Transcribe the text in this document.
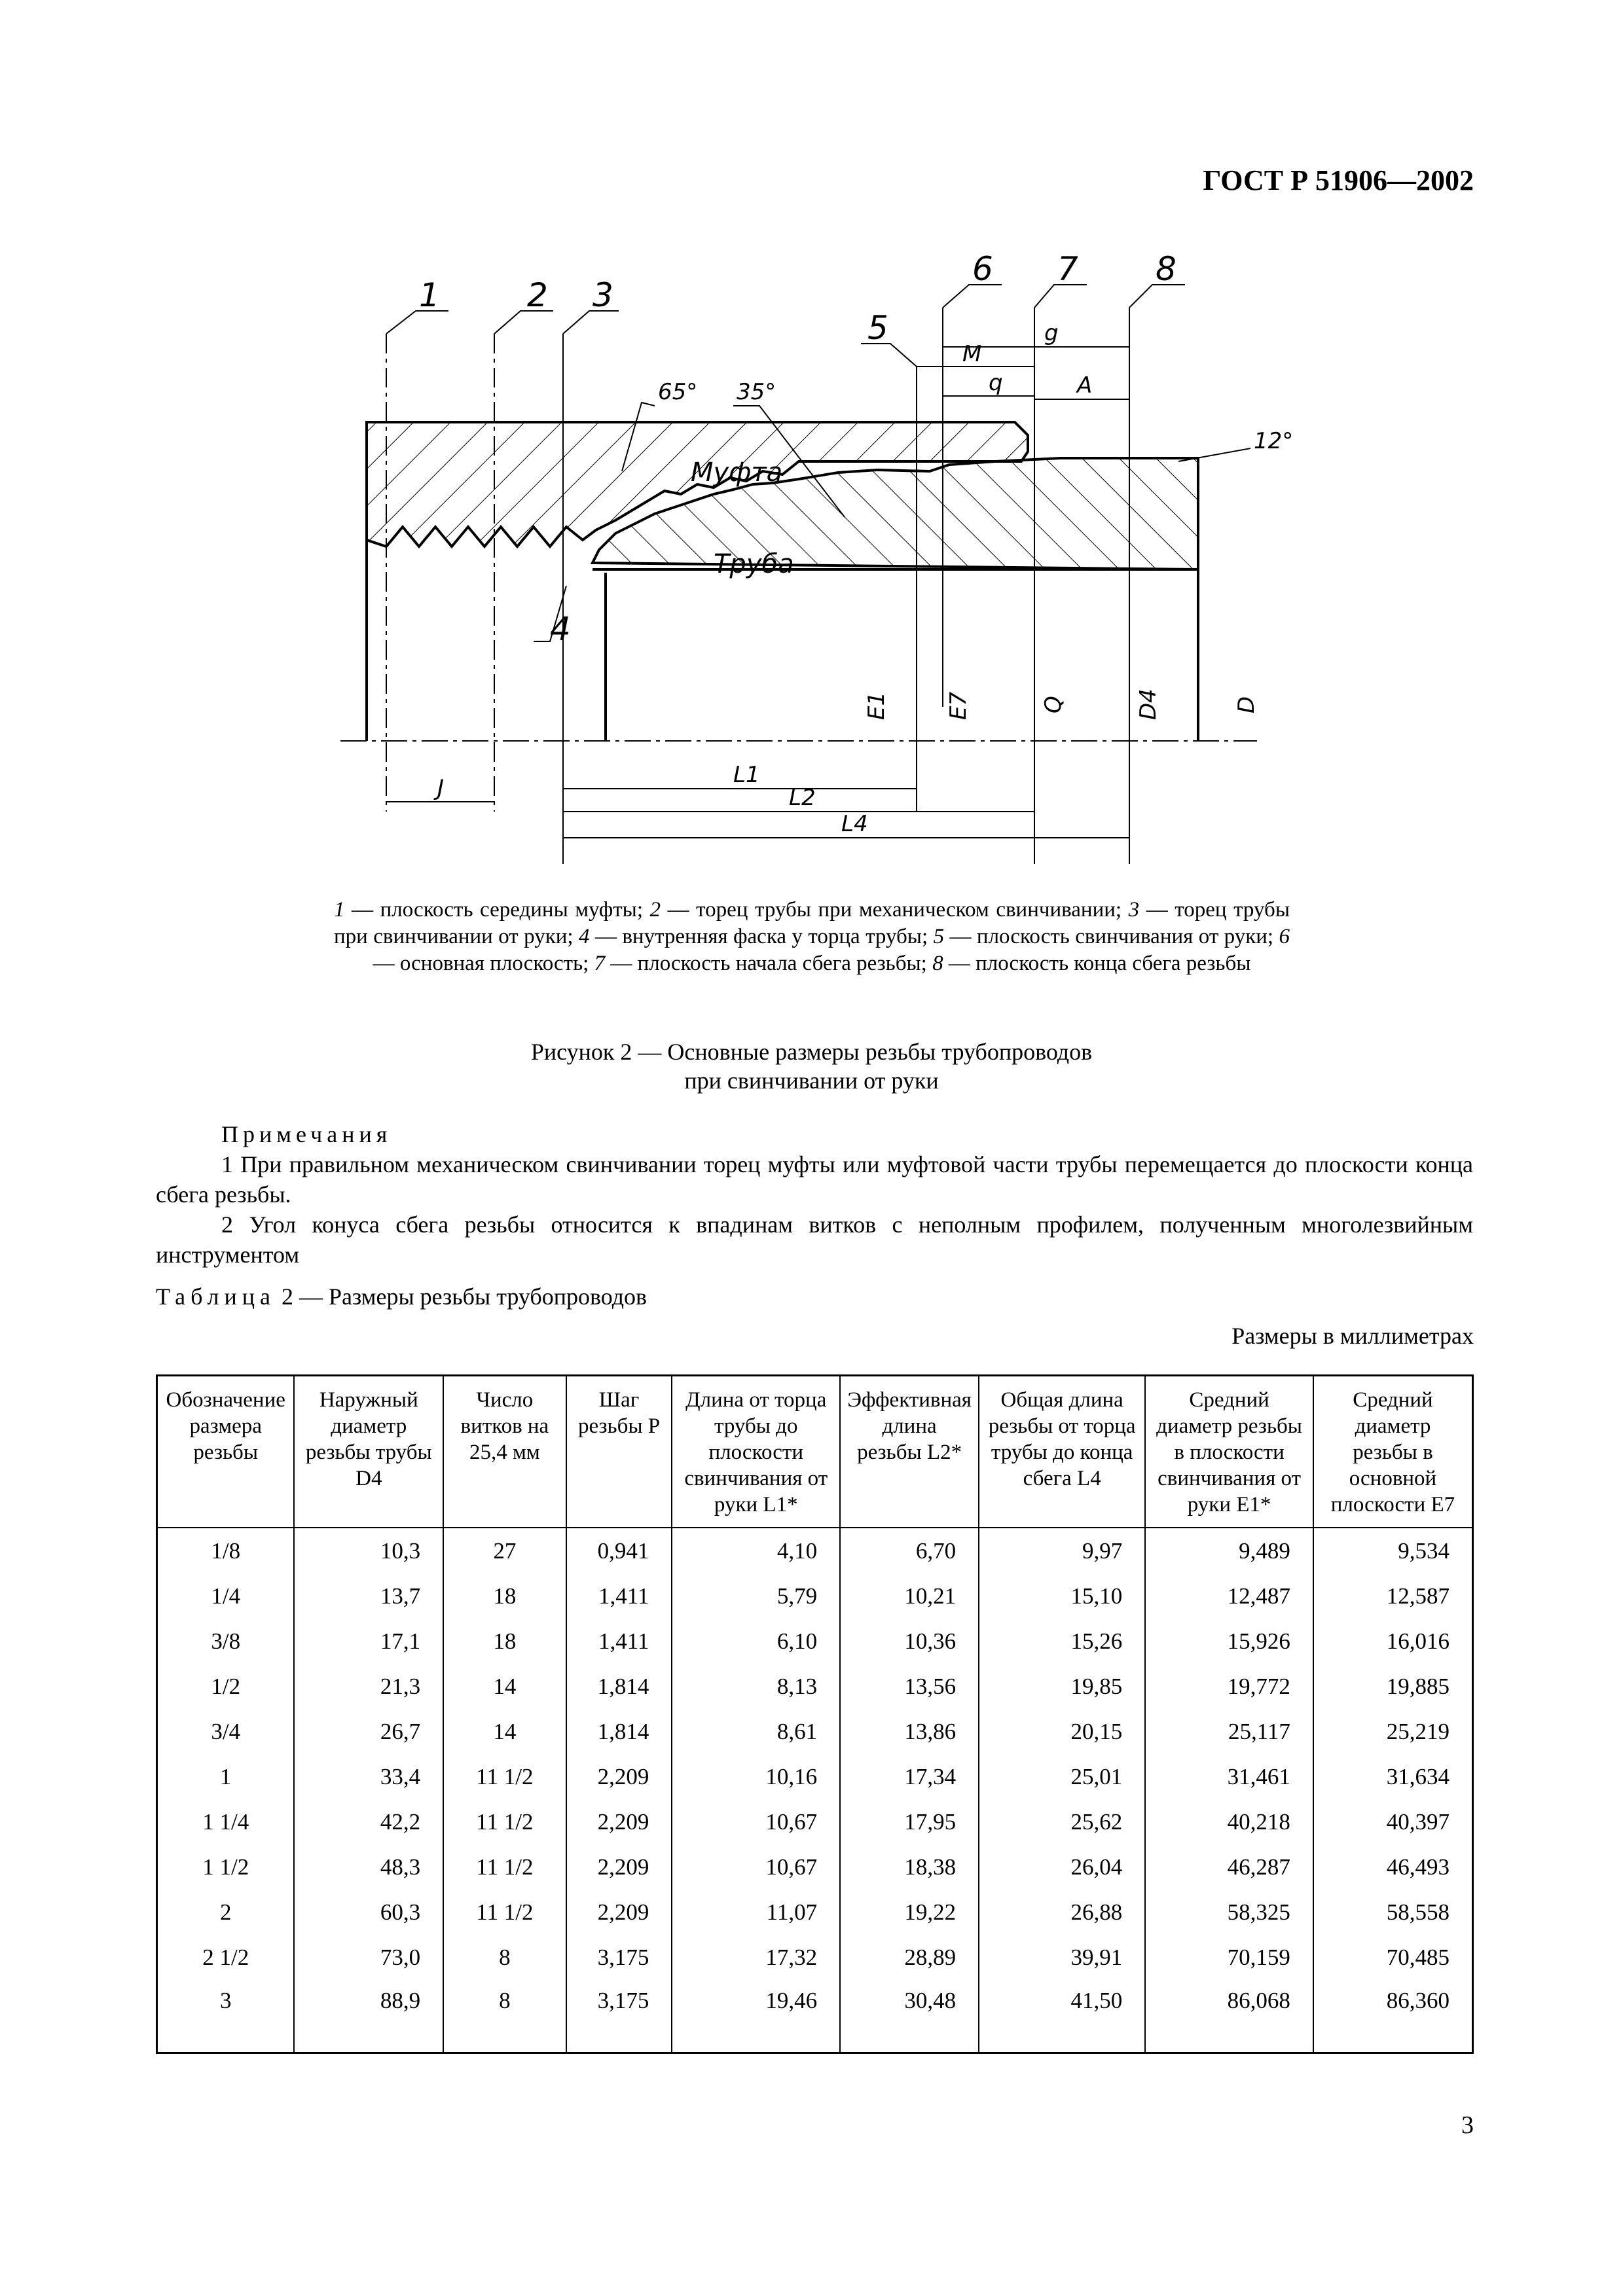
ГОСТ Р 51906—2002
1	2 3
4
5
6 7 8
Муфта
Труба
65° 35°
12°
J	L1
L2
L4
M
g
q	A
E1	E7	Q	D4	D
1 — плоскость середины муфты; 2 — торец трубы при механическом свинчивании; 3 — торец трубы при свинчивании от руки; 4 — внутренняя фаска у торца трубы; 5 — плоскость свинчивания от руки; 6 — основная плоскость; 7 — плоскость начала сбега резьбы; 8 — плоскость конца сбега резьбы
Рисунок 2 — Основные размеры резьбы трубопроводов
при свинчивании от руки

Примечания

1 При правильном механическом свинчивании торец муфты или муфтовой части трубы перемещается до плоскости конца сбега резьбы.

2 Угол конуса сбега резьбы относится к впадинам витков с неполным профилем, полученным многолезвийным инструментом

Таблица 2 — Размеры резьбы трубопроводов
Размеры в миллиметрах
Обозначение размера резьбы	Наружный диаметр резьбы трубы D4	Число витков на 25,4 мм	Шаг резьбы P	Длина от торца трубы до плоскости свинчивания от руки L1*	Эффективная длина резьбы L2*	Общая длина резьбы от торца трубы до конца сбега L4	Средний диаметр резьбы в плоскости свинчивания от руки E1*	Средний диаметр резьбы в основной плоскости E7
1/8	10,3	27	0,941	4,10	6,70	9,97	9,489	9,534
1/4	13,7	18	1,411	5,79	10,21	15,10	12,487	12,587
3/8	17,1	18	1,411	6,10	10,36	15,26	15,926	16,016
1/2	21,3	14	1,814	8,13	13,56	19,85	19,772	19,885
3/4	26,7	14	1,814	8,61	13,86	20,15	25,117	25,219
1	33,4	11 1/2	2,209	10,16	17,34	25,01	31,461	31,634
1 1/4	42,2	11 1/2	2,209	10,67	17,95	25,62	40,218	40,397
1 1/2	48,3	11 1/2	2,209	10,67	18,38	26,04	46,287	46,493
2	60,3	11 1/2	2,209	11,07	19,22	26,88	58,325	58,558
2 1/2	73,0	8	3,175	17,32	28,89	39,91	70,159	70,485
3	88,9	8	3,175	19,46	30,48	41,50	86,068	86,360
3
